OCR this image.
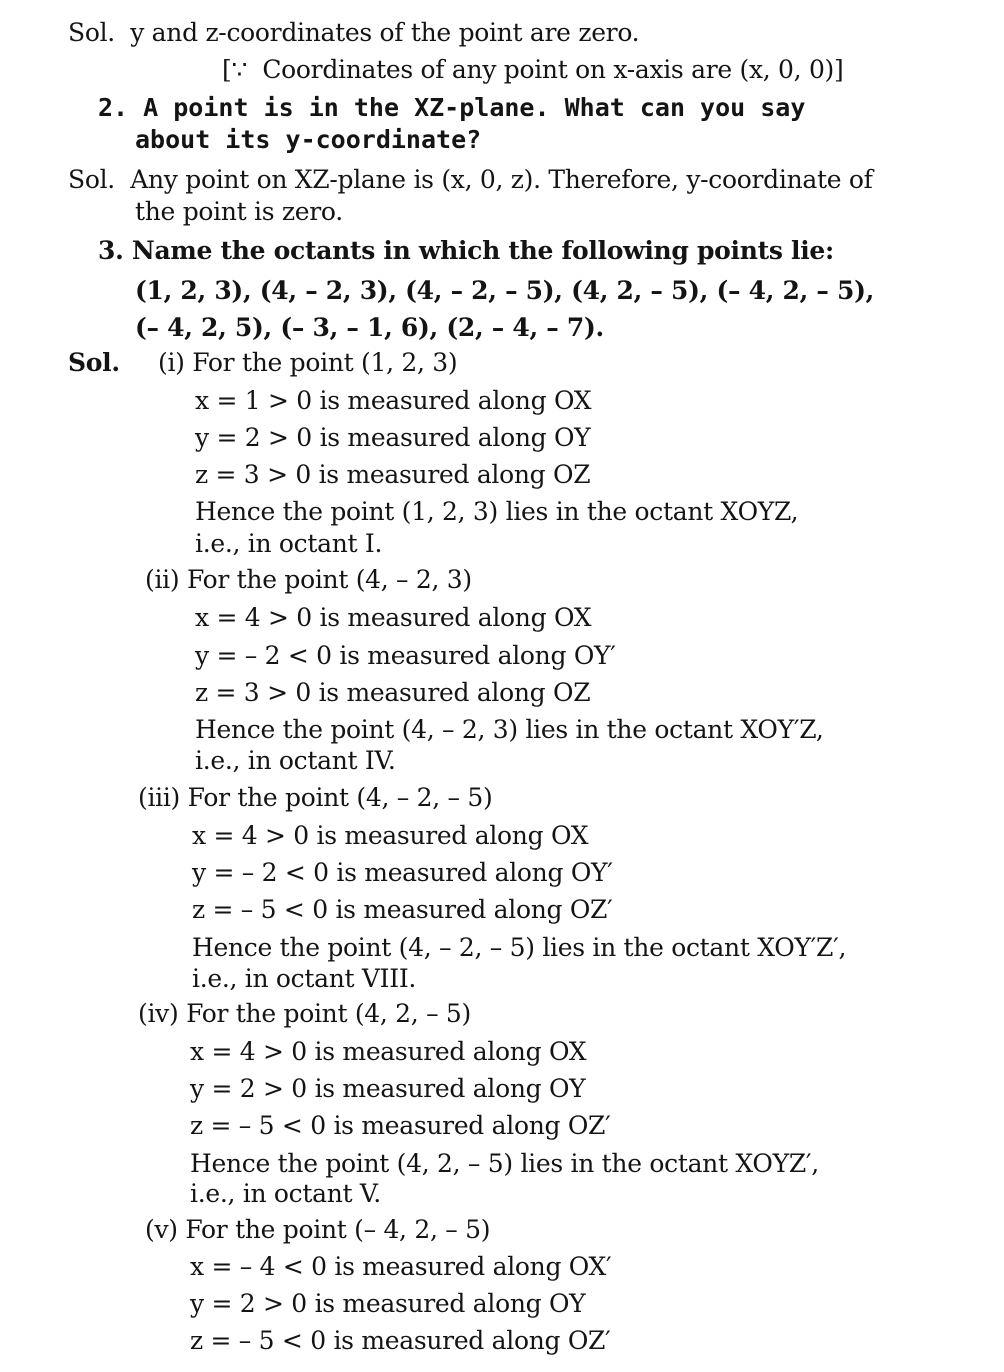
Sol.  y and z-coordinates of the point are zero.
[∵  Coordinates of any point on x-axis are (x, 0, 0)]
2. A point is in the XZ-plane. What can you say
about its y-coordinate?
Sol.  Any point on XZ-plane is (x, 0, z). Therefore, y-coordinate of
the point is zero.
3. Name the octants in which the following points lie:
(1, 2, 3), (4, – 2, 3), (4, – 2, – 5), (4, 2, – 5), (– 4, 2, – 5),
(– 4, 2, 5), (– 3, – 1, 6), (2, – 4, – 7).
Sol. (i) For the point (1, 2, 3)
x = 1 > 0 is measured along OX
y = 2 > 0 is measured along OY
z = 3 > 0 is measured along OZ
Hence the point (1, 2, 3) lies in the octant XOYZ,
i.e., in octant I.
(ii) For the point (4, – 2, 3)
x = 4 > 0 is measured along OX
y = – 2 < 0 is measured along OY′
z = 3 > 0 is measured along OZ
Hence the point (4, – 2, 3) lies in the octant XOY′Z,
i.e., in octant IV.
(iii) For the point (4, – 2, – 5)
x = 4 > 0 is measured along OX
y = – 2 < 0 is measured along OY′
z = – 5 < 0 is measured along OZ′
Hence the point (4, – 2, – 5) lies in the octant XOY′Z′,
i.e., in octant VIII.
(iv) For the point (4, 2, – 5)
x = 4 > 0 is measured along OX
y = 2 > 0 is measured along OY
z = – 5 < 0 is measured along OZ′
Hence the point (4, 2, – 5) lies in the octant XOYZ′,
i.e., in octant V.
(v) For the point (– 4, 2, – 5)
x = – 4 < 0 is measured along OX′
y = 2 > 0 is measured along OY
z = – 5 < 0 is measured along OZ′
